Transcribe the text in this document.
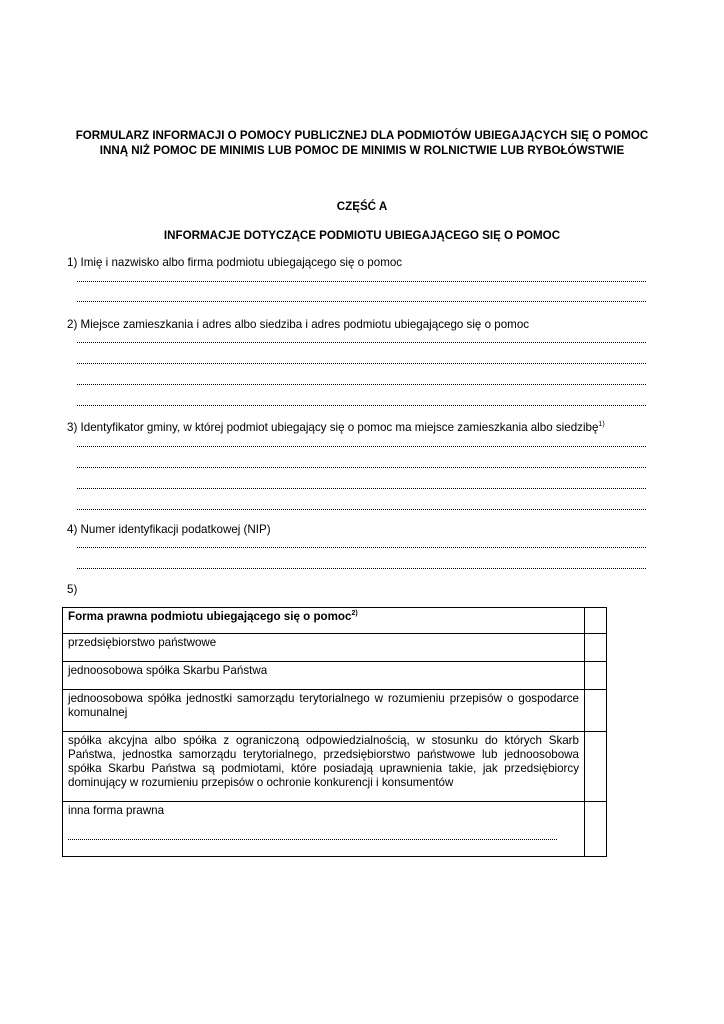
FORMULARZ INFORMACJI O POMOCY PUBLICZNEJ DLA PODMIOTÓW UBIEGAJĄCYCH SIĘ O POMOC
INNĄ NIŻ POMOC DE MINIMIS LUB POMOC DE MINIMIS W ROLNICTWIE LUB RYBOŁÓWSTWIE
CZĘŚĆ A
INFORMACJE DOTYCZĄCE PODMIOTU UBIEGAJĄCEGO SIĘ O POMOC
1) Imię i nazwisko albo firma podmiotu ubiegającego się o pomoc
2) Miejsce zamieszkania i adres albo siedziba i adres podmiotu ubiegającego się o pomoc
3) Identyfikator gminy, w której podmiot ubiegający się o pomoc ma miejsce zamieszkania albo siedzibę$^{1)}$
4) Numer identyfikacji podatkowej (NIP)
5)
Forma prawna podmiotu ubiegającego się o pomoc$^{2)}$	
przedsiębiorstwo państwowe	
jednoosobowa spółka Skarbu Państwa	
jednoosobowa spółka jednostki samorządu terytorialnego w rozumieniu przepisów o gospodarce komunalnej	
spółka akcyjna albo spółka z ograniczoną odpowiedzialnością, w stosunku do których Skarb Państwa, jednostka samorządu terytorialnego, przedsiębiorstwo państwowe lub jednoosobowa spółka Skarbu Państwa są podmiotami, które posiadają uprawnienia takie, jak przedsiębiorcy dominujący w rozumieniu przepisów o ochronie konkurencji i konsumentów	

inna forma prawna	
